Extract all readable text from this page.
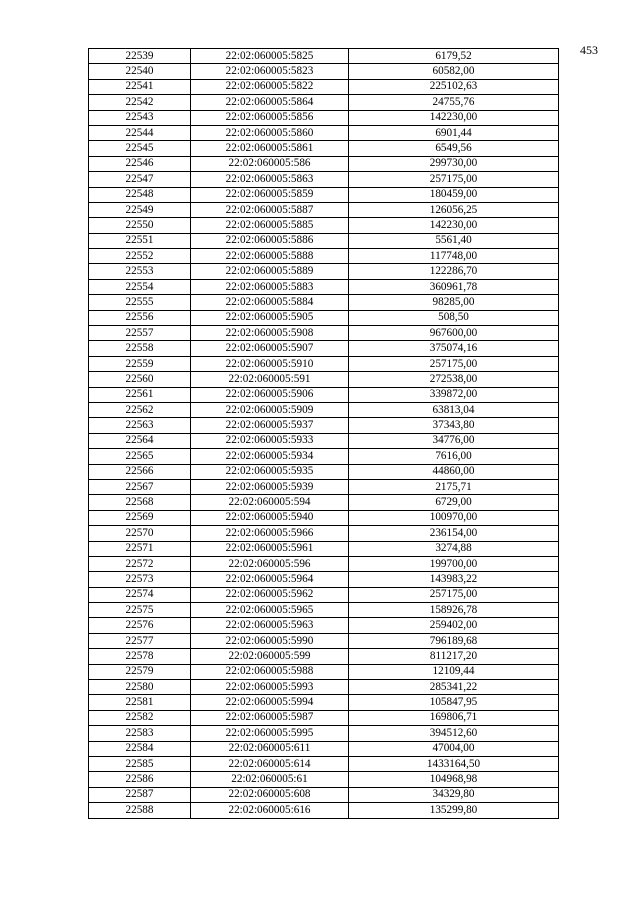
453
22539	22:02:060005:5825	6179,52
22540	22:02:060005:5823	60582,00
22541	22:02:060005:5822	225102,63
22542	22:02:060005:5864	24755,76
22543	22:02:060005:5856	142230,00
22544	22:02:060005:5860	6901,44
22545	22:02:060005:5861	6549,56
22546	22:02:060005:586	299730,00
22547	22:02:060005:5863	257175,00
22548	22:02:060005:5859	180459,00
22549	22:02:060005:5887	126056,25
22550	22:02:060005:5885	142230,00
22551	22:02:060005:5886	5561,40
22552	22:02:060005:5888	117748,00
22553	22:02:060005:5889	122286,70
22554	22:02:060005:5883	360961,78
22555	22:02:060005:5884	98285,00
22556	22:02:060005:5905	508,50
22557	22:02:060005:5908	967600,00
22558	22:02:060005:5907	375074,16
22559	22:02:060005:5910	257175,00
22560	22:02:060005:591	272538,00
22561	22:02:060005:5906	339872,00
22562	22:02:060005:5909	63813,04
22563	22:02:060005:5937	37343,80
22564	22:02:060005:5933	34776,00
22565	22:02:060005:5934	7616,00
22566	22:02:060005:5935	44860,00
22567	22:02:060005:5939	2175,71
22568	22:02:060005:594	6729,00
22569	22:02:060005:5940	100970,00
22570	22:02:060005:5966	236154,00
22571	22:02:060005:5961	3274,88
22572	22:02:060005:596	199700,00
22573	22:02:060005:5964	143983,22
22574	22:02:060005:5962	257175,00
22575	22:02:060005:5965	158926,78
22576	22:02:060005:5963	259402,00
22577	22:02:060005:5990	796189,68
22578	22:02:060005:599	811217,20
22579	22:02:060005:5988	12109,44
22580	22:02:060005:5993	285341,22
22581	22:02:060005:5994	105847,95
22582	22:02:060005:5987	169806,71
22583	22:02:060005:5995	394512,60
22584	22:02:060005:611	47004,00
22585	22:02:060005:614	1433164,50
22586	22:02:060005:61	104968,98
22587	22:02:060005:608	34329,80
22588	22:02:060005:616	135299,80
